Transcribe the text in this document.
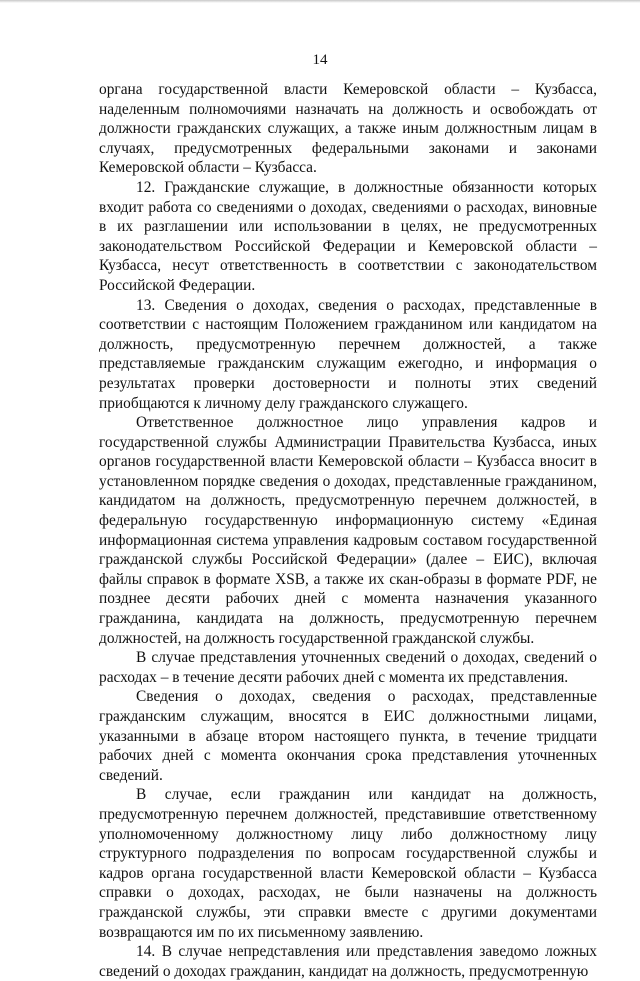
14

органа государственной власти Кемеровской области – Кузбасса, наделенным полномочиями назначать на должность и освобождать от должности гражданских служащих, а также иным должностным лицам в случаях, предусмотренных федеральными законами и законами Кемеровской области – Кузбасса.

12. Гражданские служащие, в должностные обязанности которых входит работа со сведениями о доходах, сведениями о расходах, виновные в их разглашении или использовании в целях, не предусмотренных законодательством Российской Федерации и Кемеровской области – Кузбасса, несут ответственность в соответствии с законодательством Российской Федерации.

13. Сведения о доходах, сведения о расходах, представленные в соответствии с настоящим Положением гражданином или кандидатом на должность, предусмотренную перечнем должностей, а также представляемые гражданским служащим ежегодно, и информация о результатах проверки достоверности и полноты этих сведений приобщаются к личному делу гражданского служащего.

Ответственное должностное лицо управления кадров и государственной службы Администрации Правительства Кузбасса, иных органов государственной власти Кемеровской области – Кузбасса вносит в установленном порядке сведения о доходах, представленные гражданином, кандидатом на должность, предусмотренную перечнем должностей, в федеральную государственную информационную систему «Единая информационная система управления кадровым составом государственной гражданской службы Российской Федерации» (далее – ЕИС), включая файлы справок в формате XSB, а также их скан-образы в формате PDF, не позднее десяти рабочих дней с момента назначения указанного гражданина, кандидата на должность, предусмотренную перечнем должностей, на должность государственной гражданской службы.

В случае представления уточненных сведений о доходах, сведений о расходах – в течение десяти рабочих дней с момента их представления.

Сведения о доходах, сведения о расходах, представленные гражданским служащим, вносятся в ЕИС должностными лицами, указанными в абзаце втором настоящего пункта, в течение тридцати рабочих дней с момента окончания срока представления уточненных сведений.

В случае, если гражданин или кандидат на должность, предусмотренную перечнем должностей, представившие ответственному уполномоченному должностному лицу либо должностному лицу структурного подразделения по вопросам государственной службы и кадров органа государственной власти Кемеровской области – Кузбасса справки о доходах, расходах, не были назначены на должность гражданской службы, эти справки вместе с другими документами возвращаются им по их письменному заявлению.

14. В случае непредставления или представления заведомо ложных сведений о доходах гражданин, кандидат на должность, предусмотренную
